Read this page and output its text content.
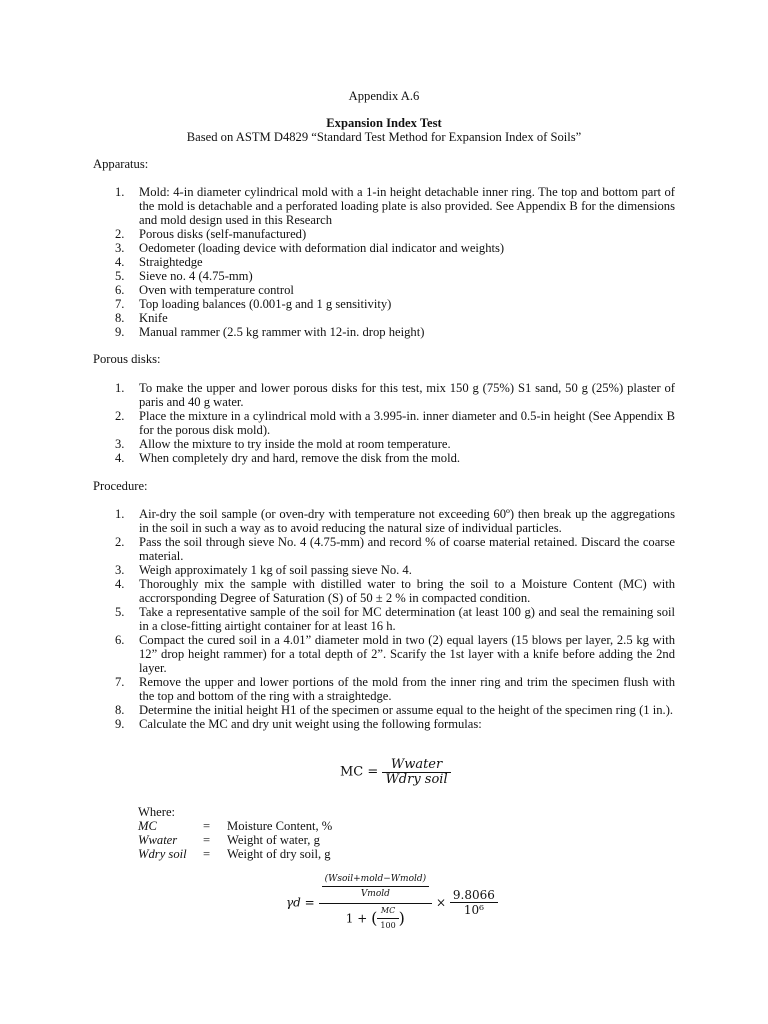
Appendix A.6
Expansion Index Test
Based on ASTM D4829 “Standard Test Method for Expansion Index of Soils”
Apparatus:
1.	Mold: 4-in diameter cylindrical mold with a 1-in height detachable inner ring. The top and bottom part of the mold is detachable and a perforated loading plate is also provided. See Appendix B for the dimensions and mold design used in this Research
2.	Porous disks (self-manufactured)
3.	Oedometer (loading device with deformation dial indicator and weights)
4.	Straightedge
5.	Sieve no. 4 (4.75-mm)
6.	Oven with temperature control
7.	Top loading balances (0.001-g and 1 g sensitivity)
8.	Knife
9.	Manual rammer (2.5 kg rammer with 12-in. drop height)
Porous disks:
1.	To make the upper and lower porous disks for this test, mix 150 g (75%) S1 sand, 50 g (25%) plaster of paris and 40 g water.
2.	Place the mixture in a cylindrical mold with a 3.995-in. inner diameter and 0.5-in height (See Appendix B for the porous disk mold).
3.	Allow the mixture to try inside the mold at room temperature.
4.	When completely dry and hard, remove the disk from the mold.
Procedure:
1.	Air-dry the soil sample (or oven-dry with temperature not exceeding 60º) then break up the aggregations in the soil in such a way as to avoid reducing the natural size of individual particles.
2.	Pass the soil through sieve No. 4 (4.75-mm) and record % of coarse material retained. Discard the coarse material.
3.	Weigh approximately 1 kg of soil passing sieve No. 4.
4.	Thoroughly mix the sample with distilled water to bring the soil to a Moisture Content (MC) with accrorsponding Degree of Saturation (S) of 50 ± 2 % in compacted condition.
5.	Take a representative sample of the soil for MC determination (at least 100 g) and seal the remaining soil in a close-fitting airtight container for at least 16 h.
6.	Compact the cured soil in a 4.01” diameter mold in two (2) equal layers (15 blows per layer, 2.5 kg with 12” drop height rammer) for a total depth of 2”. Scarify the 1st layer with a knife before adding the 2nd layer.
7.	Remove the upper and lower portions of the mold from the inner ring and trim the specimen flush with the top and bottom of the ring with a straightedge.
8.	Determine the initial height H1 of the specimen or assume equal to the height of the specimen ring (1 in.).
9.	Calculate the MC and dry unit weight using the following formulas:
MC = $\frac{\text{Wwater}}{\text{Wdry soil}}$
Where:
MC	= Moisture Content, %
Wwater = Weight of water, g
Wdry soil = Weight of dry soil, g
$\gamma d = \frac{\frac{\text{(Wsoil+mold−Wmold)}}{\text{Vmold}}}{1 + ( \frac{MC}{100} )} \times \frac{9.8066}{\text{10⁶}}$
